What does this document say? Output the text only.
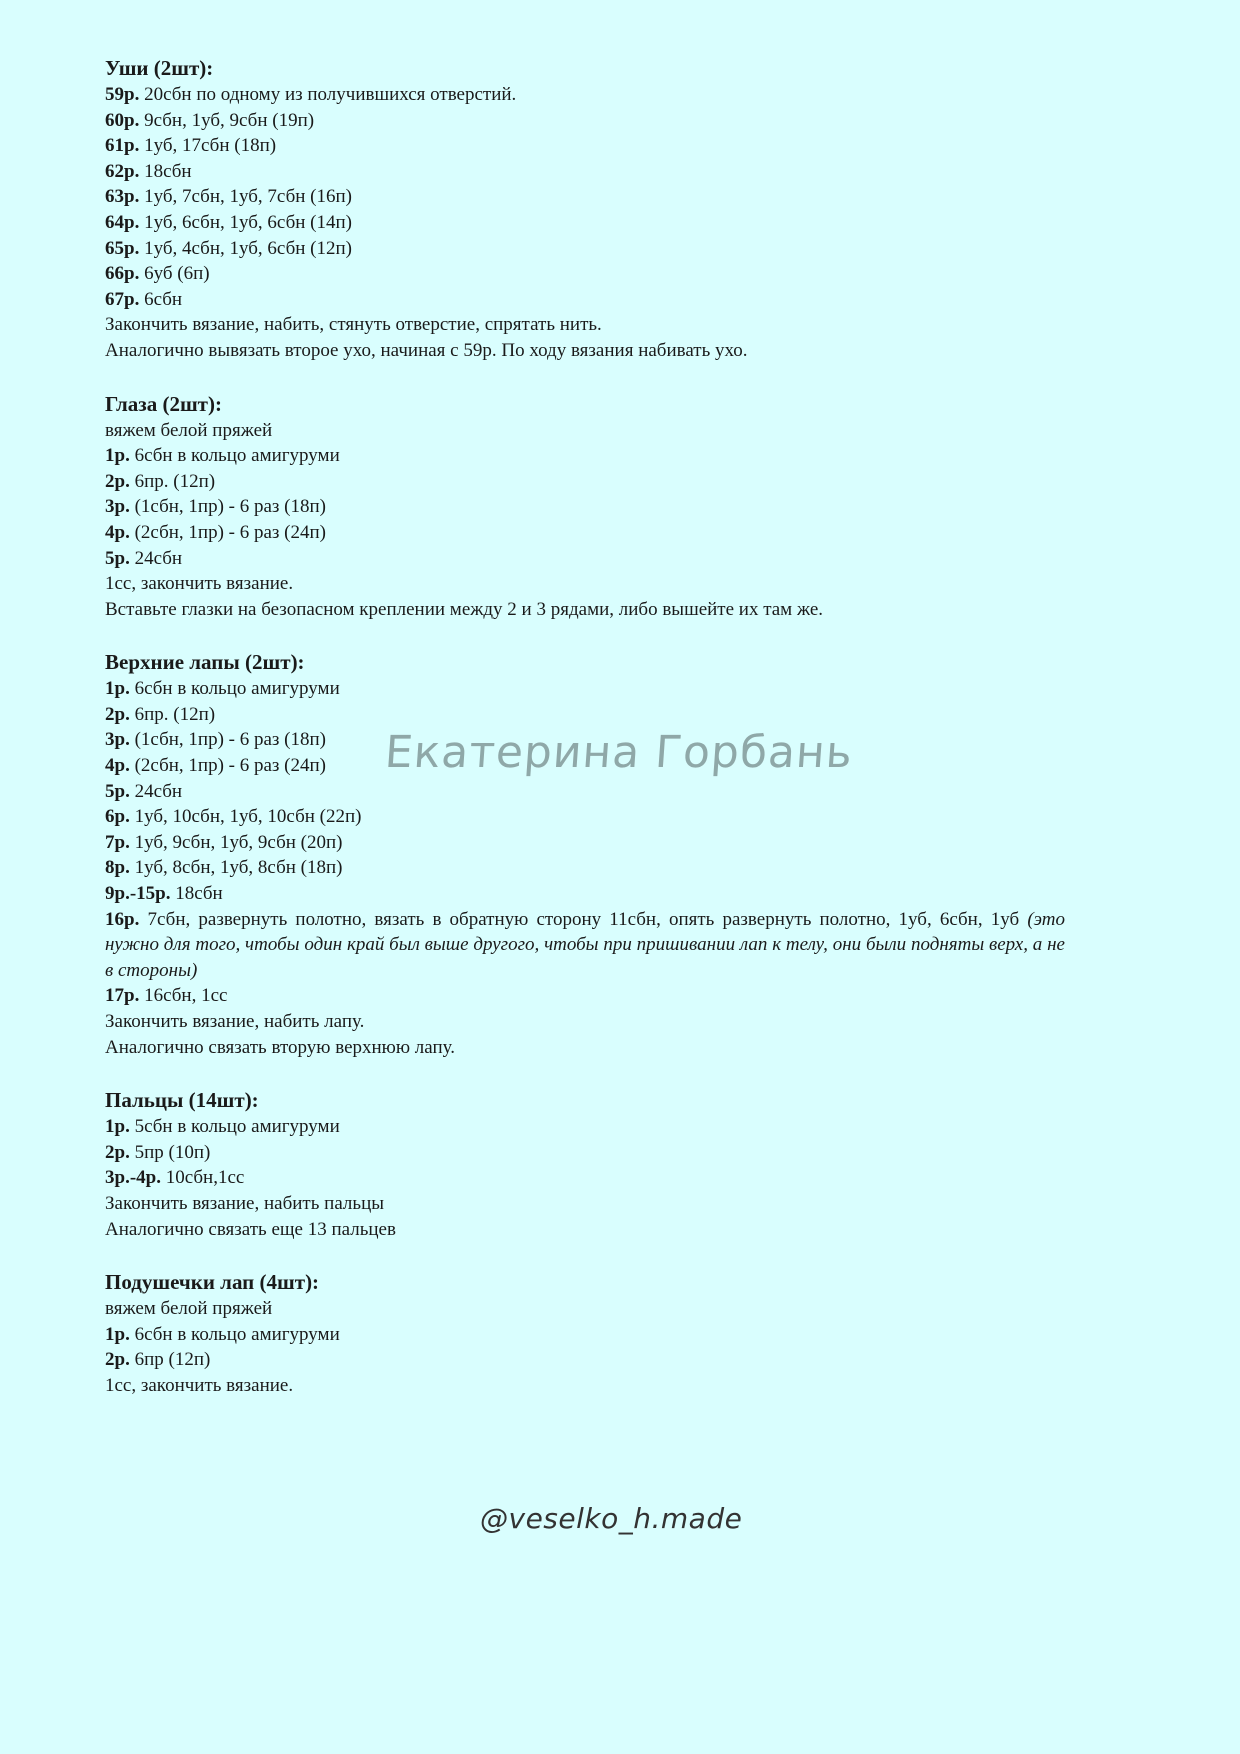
Уши (2шт):

59р. 20сбн по одному из получившихся отверстий.

60р. 9сбн, 1уб, 9сбн (19п)

61р. 1уб, 17сбн (18п)

62р. 18сбн

63р. 1уб, 7сбн, 1уб, 7сбн (16п)

64р. 1уб, 6сбн, 1уб, 6сбн (14п)

65р. 1уб, 4сбн, 1уб, 6сбн (12п)

66р. 6уб (6п)

67р. 6сбн

Закончить вязание, набить, стянуть отверстие, спрятать нить.

Аналогично вывязать второе ухо, начиная с 59р. По ходу вязания набивать ухо.

Глаза (2шт):

вяжем белой пряжей

1р. 6сбн в кольцо амигуруми

2р. 6пр. (12п)

3р. (1сбн, 1пр) - 6 раз (18п)

4р. (2сбн, 1пр) - 6 раз (24п)

5р. 24сбн

1сс, закончить вязание.

Вставьте глазки на безопасном креплении между 2 и 3 рядами, либо вышейте их там же.

Верхние лапы (2шт):

1р. 6сбн в кольцо амигуруми

2р. 6пр. (12п)

3р. (1сбн, 1пр) - 6 раз (18п)

4р. (2сбн, 1пр) - 6 раз (24п)

5р. 24сбн

6р. 1уб, 10сбн, 1уб, 10сбн (22п)

7р. 1уб, 9сбн, 1уб, 9сбн (20п)

8р. 1уб, 8сбн, 1уб, 8сбн (18п)

9р.-15р. 18сбн

16р. 7сбн, развернуть полотно, вязать в обратную сторону 11сбн, опять развернуть полотно, 1уб, 6сбн, 1уб (это нужно для того, чтобы один край был выше другого, чтобы при пришивании лап к телу, они были подняты верх, а не в стороны)

17р. 16сбн, 1сс

Закончить вязание, набить лапу.

Аналогично связать вторую верхнюю лапу.

Пальцы (14шт):

1р. 5сбн в кольцо амигуруми

2р. 5пр (10п)

3р.-4р. 10сбн,1сс

Закончить вязание, набить пальцы

Аналогично связать еще 13 пальцев

Подушечки лап (4шт):

вяжем белой пряжей

1р. 6сбн в кольцо амигуруми

2р. 6пр (12п)

1сс, закончить вязание.

Екатерина Горбань
@veselko_h.made
